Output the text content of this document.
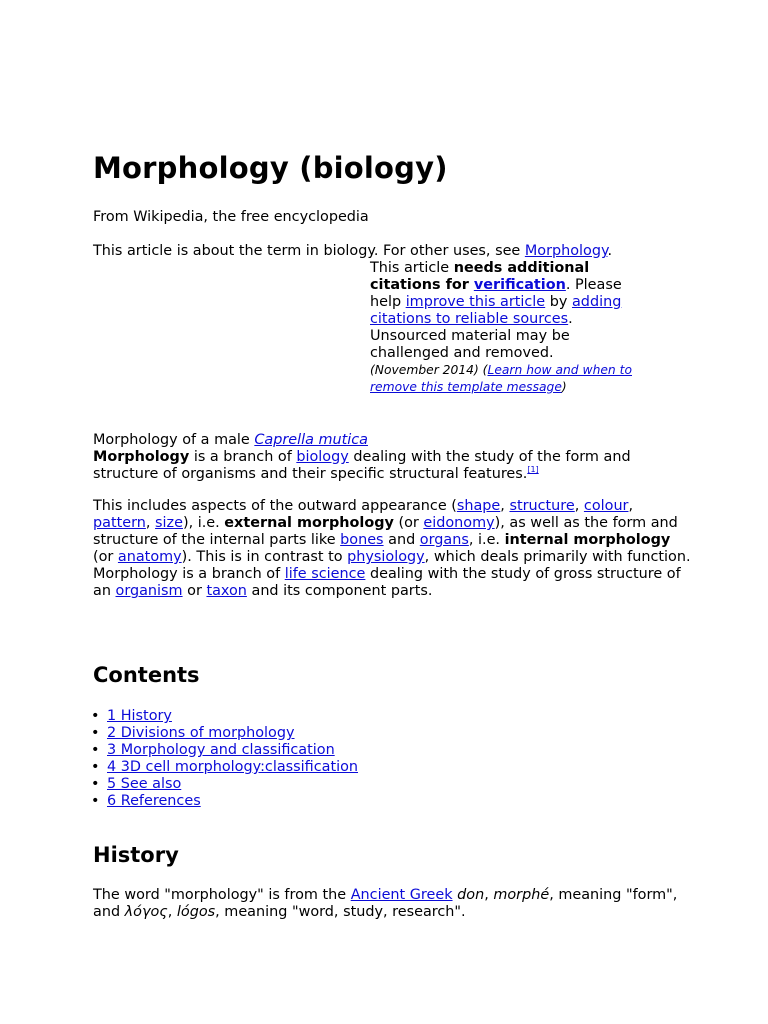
Morphology (biology)

From Wikipedia, the free encyclopedia

This article is about the term in biology. For other uses, see Morphology.

This article needs additional citations for verification. Please help improve this article by adding citations to reliable sources. Unsourced material may be challenged and removed.
(November 2014) (Learn how and when to remove this template message)
Morphology of a male Caprella mutica

Morphology is a branch of biology dealing with the study of the form and structure of organisms and their specific structural features.[1]

This includes aspects of the outward appearance (shape, structure, colour, pattern, size), i.e. external morphology (or eidonomy), as well as the form and structure of the internal parts like bones and organs, i.e. internal morphology (or anatomy). This is in contrast to physiology, which deals primarily with function. Morphology is a branch of life science dealing with the study of gross structure of an organism or taxon and its component parts.

Contents
• 1 History
• 2 Divisions of morphology
• 3 Morphology and classification
• 4 3D cell morphology:classification
• 5 See also
• 6 References
History

The word "morphology" is from the Ancient Greek don, morphé, meaning "form", and λόγος, lógos, meaning "word, study, research".
